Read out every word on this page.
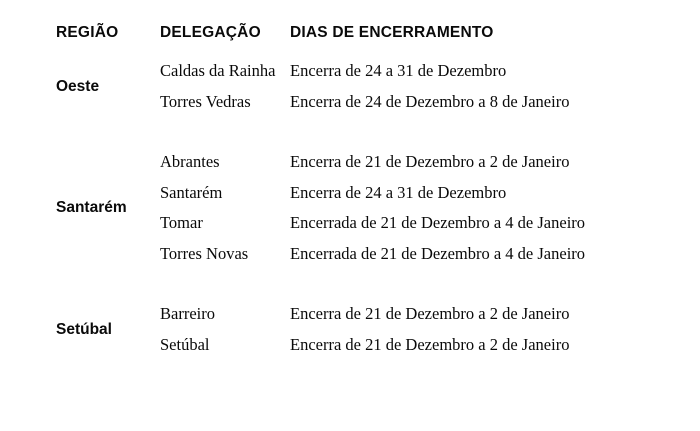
REGIÃO	DELEGAÇÃO	DIAS DE ENCERRAMENTO
Oeste	Caldas da Rainha	Encerra de 24 a 31 de Dezembro
	Torres Vedras	Encerra de 24 de Dezembro a 8 de Janeiro

Santarém	Abrantes	Encerra de 21 de Dezembro a 2 de Janeiro
	Santarém	Encerra de 24 a 31 de Dezembro
	Tomar	Encerrada de 21 de Dezembro a 4 de Janeiro
	Torres Novas	Encerrada de 21 de Dezembro a 4 de Janeiro

Setúbal	Barreiro	Encerra de 21 de Dezembro a 2 de Janeiro
	Setúbal	Encerra de 21 de Dezembro a 2 de Janeiro
